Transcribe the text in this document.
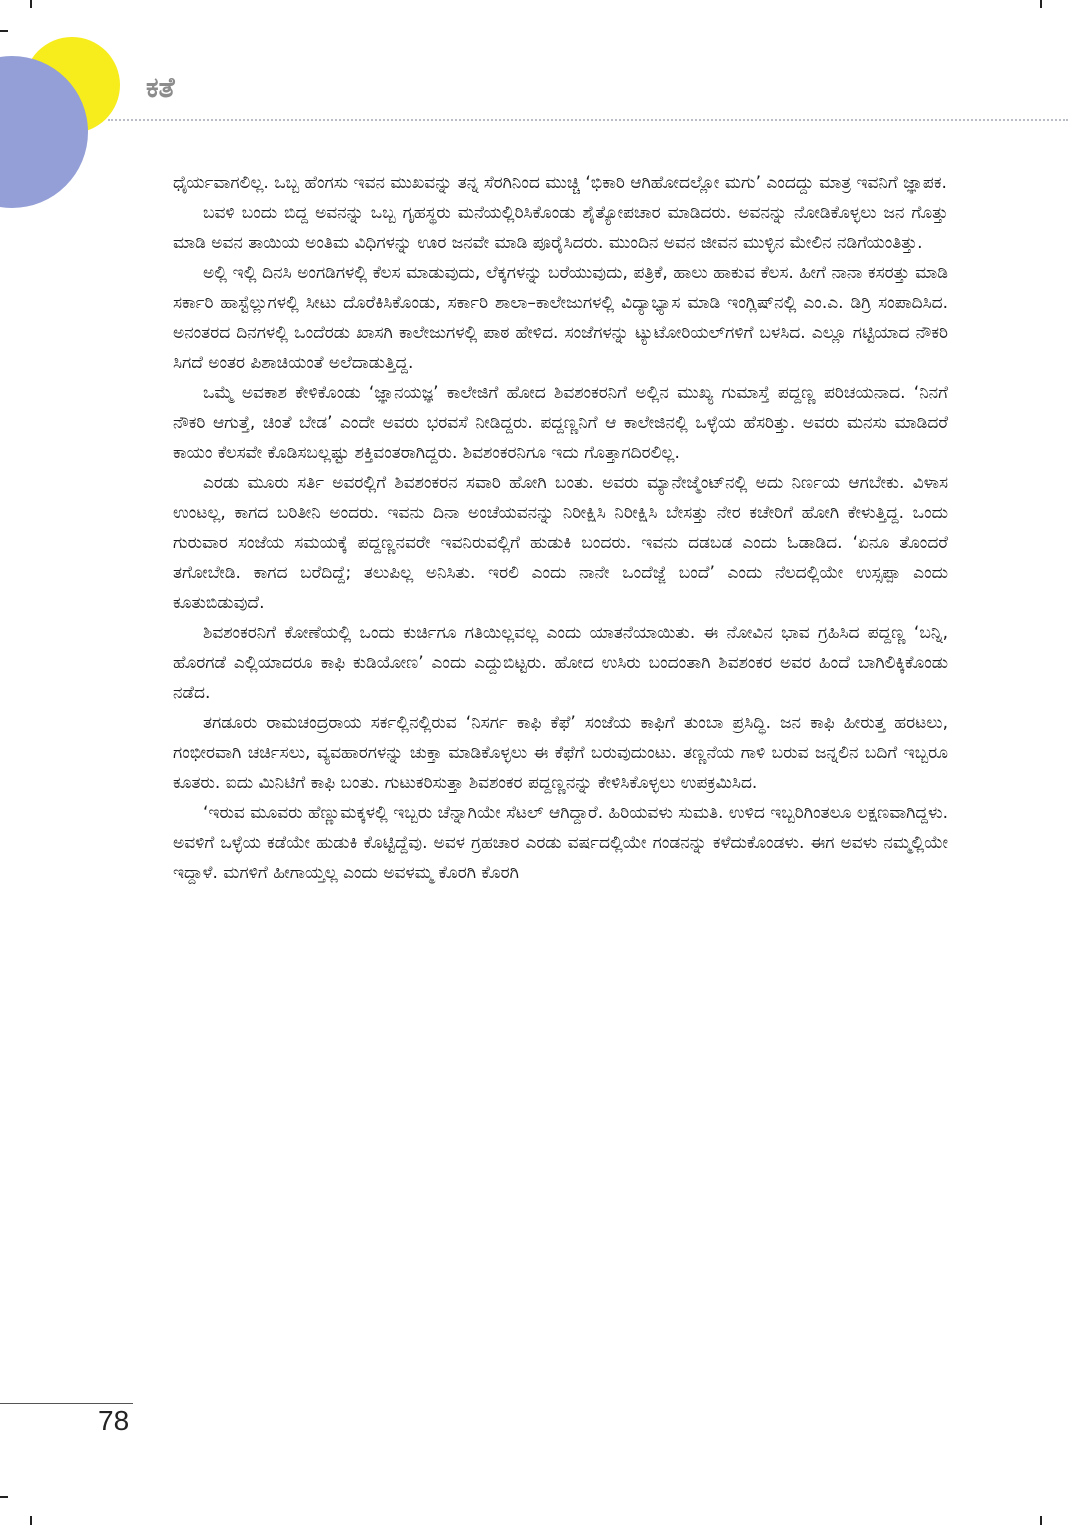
ಕತೆ

ಧೈರ್ಯವಾಗಲಿಲ್ಲ. ಒಬ್ಬ ಹೆಂಗಸು ಇವನ ಮುಖವನ್ನು ತನ್ನ ಸೆರಗಿನಿಂದ ಮುಚ್ಚಿ ‘ಭಿಕಾರಿ ಆಗಿಹೋದಲ್ಲೋ ಮಗು’ ಎಂದದ್ದು ಮಾತ್ರ ಇವನಿಗೆ ಜ್ಞಾಪಕ.

ಬವಳಿ ಬಂದು ಬಿದ್ದ ಅವನನ್ನು ಒಬ್ಬ ಗೃಹಸ್ಥರು ಮನೆಯಲ್ಲಿರಿಸಿಕೊಂಡು ಶೈತ್ಯೋಪಚಾರ ಮಾಡಿದರು. ಅವನನ್ನು ನೋಡಿಕೊಳ್ಳಲು ಜನ ಗೊತ್ತು ಮಾಡಿ ಅವನ ತಾಯಿಯ ಅಂತಿಮ ವಿಧಿಗಳನ್ನು ಊರ ಜನವೇ ಮಾಡಿ ಪೂರೈಸಿದರು. ಮುಂದಿನ ಅವನ ಜೀವನ ಮುಳ್ಳಿನ ಮೇಲಿನ ನಡಿಗೆಯಂತಿತ್ತು.

ಅಲ್ಲಿ ಇಲ್ಲಿ ದಿನಸಿ ಅಂಗಡಿಗಳಲ್ಲಿ ಕೆಲಸ ಮಾಡುವುದು, ಲೆಕ್ಕಗಳನ್ನು ಬರೆಯುವುದು, ಪತ್ರಿಕೆ, ಹಾಲು ಹಾಕುವ ಕೆಲಸ. ಹೀಗೆ ನಾನಾ ಕಸರತ್ತು ಮಾಡಿ ಸರ್ಕಾರಿ ಹಾಸ್ಟೆಲ್ಲುಗಳಲ್ಲಿ ಸೀಟು ದೊರೆಕಿಸಿಕೊಂಡು, ಸರ್ಕಾರಿ ಶಾಲಾ–ಕಾಲೇಜುಗಳಲ್ಲಿ ವಿದ್ಯಾಭ್ಯಾಸ ಮಾಡಿ ಇಂಗ್ಲಿಷ್‌ನಲ್ಲಿ ಎಂ.ಎ. ಡಿಗ್ರಿ ಸಂಪಾದಿಸಿದ. ಅನಂತರದ ದಿನಗಳಲ್ಲಿ ಒಂದೆರಡು ಖಾಸಗಿ ಕಾಲೇಜುಗಳಲ್ಲಿ ಪಾಠ ಹೇಳಿದ. ಸಂಜೆಗಳನ್ನು ಟ್ಯುಟೋರಿಯಲ್‌ಗಳಿಗೆ ಬಳಸಿದ. ಎಲ್ಲೂ ಗಟ್ಟಿಯಾದ ನೌಕರಿ ಸಿಗದೆ ಅಂತರ ಪಿಶಾಚಿಯಂತೆ ಅಲೆದಾಡುತ್ತಿದ್ದ.

ಒಮ್ಮೆ ಅವಕಾಶ ಕೇಳಿಕೊಂಡು ‘ಜ್ಞಾನಯಜ್ಞ’ ಕಾಲೇಜಿಗೆ ಹೋದ ಶಿವಶಂಕರನಿಗೆ ಅಲ್ಲಿನ ಮುಖ್ಯ ಗುಮಾಸ್ತೆ ಪದ್ದಣ್ಣ ಪರಿಚಯನಾದ. ‘ನಿನಗೆ ನೌಕರಿ ಆಗುತ್ತೆ, ಚಿಂತೆ ಬೇಡ’ ಎಂದೇ ಅವರು ಭರವಸೆ ನೀಡಿದ್ದರು. ಪದ್ದಣ್ಣನಿಗೆ ಆ ಕಾಲೇಜಿನಲ್ಲಿ ಒಳ್ಳೆಯ ಹೆಸರಿತ್ತು. ಅವರು ಮನಸು ಮಾಡಿದರೆ ಕಾಯಂ ಕೆಲಸವೇ ಕೊಡಿಸಬಲ್ಲಷ್ಟು ಶಕ್ತಿವಂತರಾಗಿದ್ದರು. ಶಿವಶಂಕರನಿಗೂ ಇದು ಗೊತ್ತಾಗದಿರಲಿಲ್ಲ.

ಎರಡು ಮೂರು ಸರ್ತಿ ಅವರಲ್ಲಿಗೆ ಶಿವಶಂಕರನ ಸವಾರಿ ಹೋಗಿ ಬಂತು. ಅವರು ಮ್ಯಾನೇಜ್ಮೆಂಟ್‌ನಲ್ಲಿ ಅದು ನಿರ್ಣಯ ಆಗಬೇಕು. ವಿಳಾಸ ಉಂಟಲ್ಲ, ಕಾಗದ ಬರಿತೀನಿ ಅಂದರು. ಇವನು ದಿನಾ ಅಂಚೆಯವನನ್ನು ನಿರೀಕ್ಷಿಸಿ ನಿರೀಕ್ಷಿಸಿ ಬೇಸತ್ತು ನೇರ ಕಚೇರಿಗೆ ಹೋಗಿ ಕೇಳುತ್ತಿದ್ದ. ಒಂದು ಗುರುವಾರ ಸಂಜೆಯ ಸಮಯಕ್ಕೆ ಪದ್ದಣ್ಣನವರೇ ಇವನಿರುವಲ್ಲಿಗೆ ಹುಡುಕಿ ಬಂದರು. ಇವನು ದಡಬಡ ಎಂದು ಓಡಾಡಿದ. ‘ಏನೂ ತೊಂದರೆ ತಗೋಬೇಡಿ. ಕಾಗದ ಬರೆದಿದ್ದೆ; ತಲುಪಿಲ್ಲ ಅನಿಸಿತು. ಇರಲಿ ಎಂದು ನಾನೇ ಒಂದೆಜ್ಜೆ ಬಂದೆ’ ಎಂದು ನೆಲದಲ್ಲಿಯೇ ಉಸ್ಸಪ್ಪಾ ಎಂದು ಕೂತುಬಿಡುವುದೆ.

ಶಿವಶಂಕರನಿಗೆ ಕೋಣೆಯಲ್ಲಿ ಒಂದು ಕುರ್ಚಿಗೂ ಗತಿಯಿಲ್ಲವಲ್ಲ ಎಂದು ಯಾತನೆಯಾಯಿತು. ಈ ನೋವಿನ ಭಾವ ಗ್ರಹಿಸಿದ ಪದ್ದಣ್ಣ ‘ಬನ್ನಿ, ಹೊರಗಡೆ ಎಲ್ಲಿಯಾದರೂ ಕಾಫಿ ಕುಡಿಯೋಣ’ ಎಂದು ಎದ್ದುಬಿಟ್ಟರು. ಹೋದ ಉಸಿರು ಬಂದಂತಾಗಿ ಶಿವಶಂಕರ ಅವರ ಹಿಂದೆ ಬಾಗಿಲಿಕ್ಕಿಕೊಂಡು ನಡೆದ.

ತಗಡೂರು ರಾಮಚಂದ್ರರಾಯ ಸರ್ಕಲ್ಲಿನಲ್ಲಿರುವ ‘ನಿಸರ್ಗ ಕಾಫಿ ಕೆಫೆ’ ಸಂಜೆಯ ಕಾಫಿಗೆ ತುಂಬಾ ಪ್ರಸಿದ್ಧಿ. ಜನ ಕಾಫಿ ಹೀರುತ್ತ ಹರಟಲು, ಗಂಭೀರವಾಗಿ ಚರ್ಚಿಸಲು, ವ್ಯವಹಾರಗಳನ್ನು ಚುಕ್ತಾ ಮಾಡಿಕೊಳ್ಳಲು ಈ ಕೆಫೆಗೆ ಬರುವುದುಂಟು. ತಣ್ಣನೆಯ ಗಾಳಿ ಬರುವ ಜನ್ನಲಿನ ಬದಿಗೆ ಇಬ್ಬರೂ ಕೂತರು. ಐದು ಮಿನಿಟಿಗೆ ಕಾಫಿ ಬಂತು. ಗುಟುಕರಿಸುತ್ತಾ ಶಿವಶಂಕರ ಪದ್ದಣ್ಣನನ್ನು ಕೇಳಿಸಿಕೊಳ್ಳಲು ಉಪಕ್ರಮಿಸಿದ.

‘ಇರುವ ಮೂವರು ಹೆಣ್ಣುಮಕ್ಕಳಲ್ಲಿ ಇಬ್ಬರು ಚೆನ್ನಾಗಿಯೇ ಸೆಟಲ್ ಆಗಿದ್ದಾರೆ. ಹಿರಿಯವಳು ಸುಮತಿ. ಉಳಿದ ಇಬ್ಬರಿಗಿಂತಲೂ ಲಕ್ಷಣವಾಗಿದ್ದಳು. ಅವಳಿಗೆ ಒಳ್ಳೆಯ ಕಡೆಯೇ ಹುಡುಕಿ ಕೊಟ್ಟಿದ್ದೆವು. ಅವಳ ಗ್ರಹಚಾರ ಎರಡು ವರ್ಷದಲ್ಲಿಯೇ ಗಂಡನನ್ನು ಕಳೆದುಕೊಂಡಳು. ಈಗ ಅವಳು ನಮ್ಮಲ್ಲಿಯೇ ಇದ್ದಾಳೆ. ಮಗಳಿಗೆ ಹೀಗಾಯ್ತಲ್ಲ ಎಂದು ಅವಳಮ್ಮ ಕೊರಗಿ ಕೊರಗಿ

78
